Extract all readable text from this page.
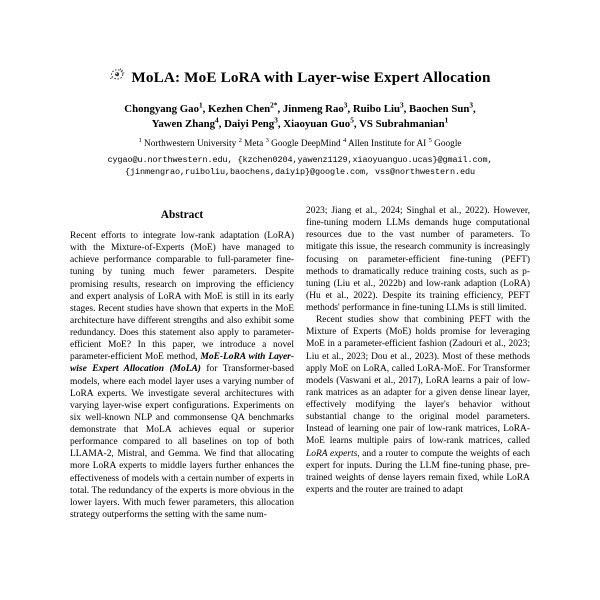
MoLA: MoE LoRA with Layer-wise Expert Allocation
Chongyang Gao$^1$, Kezhen Chen$^{2*}$, Jinmeng Rao$^3$, Ruibo Liu$^3$, Baochen Sun$^3$,
Yawen Zhang$^4$, Daiyi Peng$^3$, Xiaoyuan Guo$^5$, VS Subrahmanian$^1$
$^1$ Northwestern University $^2$ Meta $^3$ Google DeepMind $^4$ Allen Institute for AI $^5$ Google
cygao@u.northwestern.edu, {kzchen0204,yawenz1129,xiaoyuanguo.ucas}@gmail.com,
{jinmengrao,ruiboliu,baochens,daiyip}@google.com, vss@northwestern.edu
Abstract

Recent efforts to integrate low-rank adaptation (LoRA) with the Mixture-of-Experts (MoE) have managed to achieve performance comparable to full-parameter fine-tuning by tuning much fewer parameters. Despite promising results, research on improving the efficiency and expert analysis of LoRA with MoE is still in its early stages. Recent studies have shown that experts in the MoE architecture have different strengths and also exhibit some redundancy. Does this statement also apply to parameter-efficient MoE? In this paper, we introduce a novel parameter-efficient MoE method, MoE-LoRA with Layer-wise Expert Allocation (MoLA) for Transformer-based models, where each model layer uses a varying number of LoRA experts. We investigate several architectures with varying layer-wise expert configurations. Experiments on six well-known NLP and commonsense QA benchmarks demonstrate that MoLA achieves equal or superior performance compared to all baselines on top of both LLAMA-2, Mistral, and Gemma. We find that allocating more LoRA experts to middle layers further enhances the effectiveness of models with a certain number of experts in total. The redundancy of the experts is more obvious in the lower layers. With much fewer parameters, this allocation strategy outperforms the setting with the same num-

2023; Jiang et al., 2024; Singhal et al., 2022). However, fine-tuning modern LLMs demands huge computational resources due to the vast number of parameters. To mitigate this issue, the research community is increasingly focusing on parameter-efficient fine-tuning (PEFT) methods to dramatically reduce training costs, such as p-tuning (Liu et al., 2022b) and low-rank adaption (LoRA) (Hu et al., 2022). Despite its training efficiency, PEFT methods' performance in fine-tuning LLMs is still limited.

Recent studies show that combining PEFT with the Mixture of Experts (MoE) holds promise for leveraging MoE in a parameter-efficient fashion (Zadouri et al., 2023; Liu et al., 2023; Dou et al., 2023). Most of these methods apply MoE on LoRA, called LoRA-MoE. For Transformer models (Vaswani et al., 2017), LoRA learns a pair of low-rank matrices as an adapter for a given dense linear layer, effectively modifying the layer's behavior without substantial change to the original model parameters. Instead of learning one pair of low-rank matrices, LoRA-MoE learns multiple pairs of low-rank matrices, called LoRA experts, and a router to compute the weights of each expert for inputs. During the LLM fine-tuning phase, pre-trained weights of dense layers remain fixed, while LoRA experts and the router are trained to adapt
